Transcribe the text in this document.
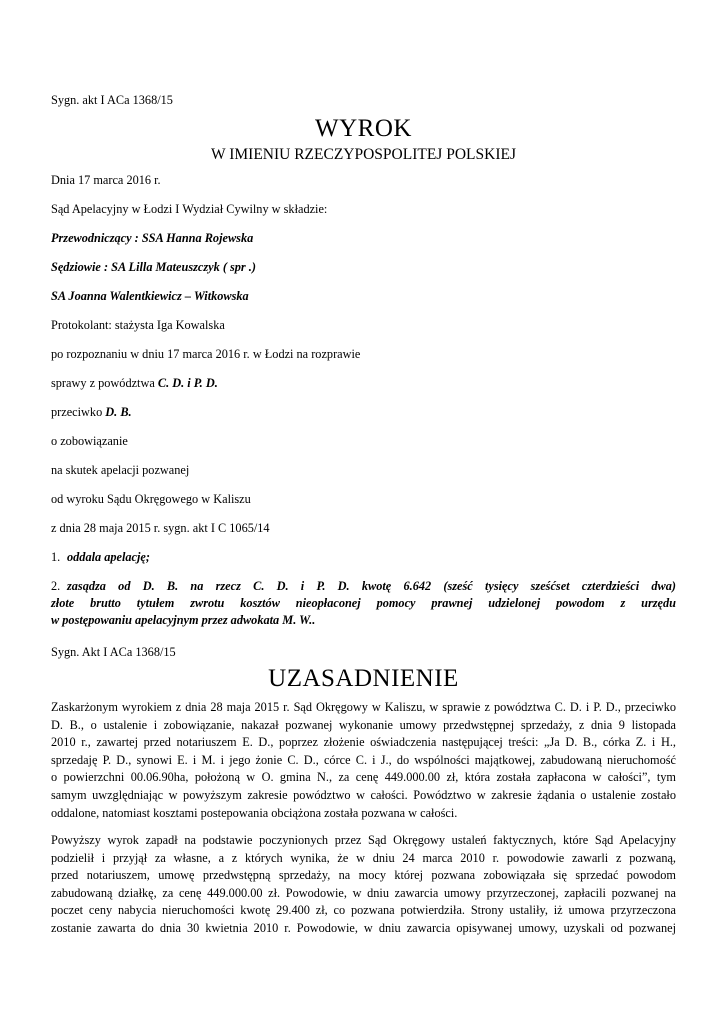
Sygn. akt I ACa 1368/15
WYROK
W IMIENIU RZECZYPOSPOLITEJ POLSKIEJ
Dnia 17 marca 2016 r.
Sąd Apelacyjny w Łodzi I Wydział Cywilny w składzie:
Przewodniczący : SSA Hanna Rojewska
Sędziowie : SA Lilla Mateuszczyk ( spr .)
SA Joanna Walentkiewicz – Witkowska
Protokolant: stażysta Iga Kowalska
po rozpoznaniu w dniu 17 marca 2016 r. w Łodzi na rozprawie
sprawy z powództwa C. D. i P. D.
przeciwko D. B.
o zobowiązanie
na skutek apelacji pozwanej
od wyroku Sądu Okręgowego w Kaliszu
z dnia 28 maja 2015 r. sygn. akt I C 1065/14
1. oddala apelację;
2. zasądza od D. B. na rzecz C. D. i P. D. kwotę 6.642 (sześć tysięcy sześćset czterdzieści dwa)
złote brutto tytułem zwrotu kosztów nieopłaconej pomocy prawnej udzielonej powodom z urzędu
w postępowaniu apelacyjnym przez adwokata M. W..
Sygn. Akt I ACa 1368/15
UZASADNIENIE
Zaskarżonym wyrokiem z dnia 28 maja 2015 r. Sąd Okręgowy w Kaliszu, w sprawie z powództwa C. D. i P. D., przeciwko
D. B., o ustalenie i zobowiązanie, nakazał pozwanej wykonanie umowy przedwstępnej sprzedaży, z dnia 9 listopada
2010 r., zawartej przed notariuszem E. D., poprzez złożenie oświadczenia następującej treści: „Ja D. B., córka Z. i H.,
sprzedaję P. D., synowi E. i M. i jego żonie C. D., córce C. i J., do wspólności majątkowej, zabudowaną nieruchomość
o powierzchni 00.06.90ha, położoną w O. gmina N., za cenę 449.000.00 zł, która została zapłacona w całości”, tym
samym uwzględniając w powyższym zakresie powództwo w całości. Powództwo w zakresie żądania o ustalenie zostało
oddalone, natomiast kosztami postepowania obciążona została pozwana w całości.
Powyższy wyrok zapadł na podstawie poczynionych przez Sąd Okręgowy ustaleń faktycznych, które Sąd Apelacyjny
podzielił i przyjął za własne, a z których wynika, że w dniu 24 marca 2010 r. powodowie zawarli z pozwaną,
przed notariuszem, umowę przedwstępną sprzedaży, na mocy której pozwana zobowiązała się sprzedać powodom
zabudowaną działkę, za cenę 449.000.00 zł. Powodowie, w dniu zawarcia umowy przyrzeczonej, zapłacili pozwanej na
poczet ceny nabycia nieruchomości kwotę 29.400 zł, co pozwana potwierdziła. Strony ustaliły, iż umowa przyrzeczona
zostanie zawarta do dnia 30 kwietnia 2010 r. Powodowie, w dniu zawarcia opisywanej umowy, uzyskali od pozwanej
